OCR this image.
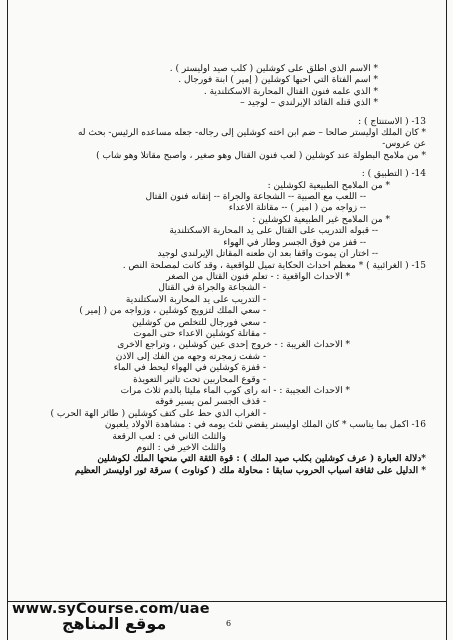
* الاسم الذي أطلق على كوشلين ( كلب صيد أوليستر ) .
* اسم الفتاة التي أحبها كوشلين ( إمير ) ابنة فورجال .
* الذي علمه فنون القتال المحاربة الأسكتلندية .
* الذي قتله القائد الإيرلندي – لوجيد –
13- ( الاستنتاج ) :
* كان الملك أوليستر صالحا – ضم ابن أخته كوشلين إلى رجاله- جعله مساعده الرئيس- بحث له
عن عروس-
* من ملامح البطولة عند كوشلين ( لعب فنون القتال وهو صغير ، وأصبح مقاتلا وهو شاب )
14- ( التطبيق ) :
* من الملامح الطبيعية لكوشلين :
-- اللعب مع الصبية -- الشجاعة والجرأة -- إتقانه فنون القتال
-- زواجه من ( أمير ) -- مقاتلة الأعداء
* من الملامح غير الطبيعية لكوشلين :
-- قبوله التدريب على القتال على يد المحاربة الأسكتلندية
-- قفز من فوق الجسر وطار في الهواء
-- اختار أن يموت واقفا بعد أن طعنه المقاتل الإيرلندي لوجيد
15- ( الغرائبية ) * معظم أحداث الحكاية تميل للواقعية ، وقد كانت لمصلحة النص .
* الأحداث الواقعية : - تعلم فنون القتال من الصغر
- الشجاعة والجرأة في القتال
- التدريب على يد المحاربة الأسكتلندية
- سعي الملك لتزويج كوشلين ، وزواجه من ( إمير )
- سعي فورجال للتخلص من كوشلين
- مقاتلة كوشلين الأعداء حتى الموت
* الأحداث الغريبة : - خروج إحدى عين كوشلين ، وتراجع الأخرى
- شفت زمجرته وجهه من الفك إلى الأذن
- قفزة كوشلين في الهواء ليحط في الماء
- وقوع المحاربين تحت تأثير التعويذة
* الأحداث العجيبة : - أنه رأى كوب الماء مليئا بالدم ثلاث مرات
- قذف الجسر لمن يسير فوقه
- الغراب الذي حط على كتف كوشلين ( طائر آلهة الحرب )
16- أكمل بما يناسب * كان الملك أوليستر يقضي ثلث يومه في : مشاهدة الأولاد يلعبون
والثلث الثاني في : لعب الرقعة
والثلث الأخير في : النوم
*دلالة العبارة ( عرف كوشلين بكلب صيد الملك ) : قوة الثقة التي منحها الملك لكوشلين
* الدليل على ثقافة أسباب الحروب سابقا : محاولة ملك ( كوناوت ) سرقة ثور أوليستر العظيم
www.syCourse.com/uae
6
موقع المناهج
